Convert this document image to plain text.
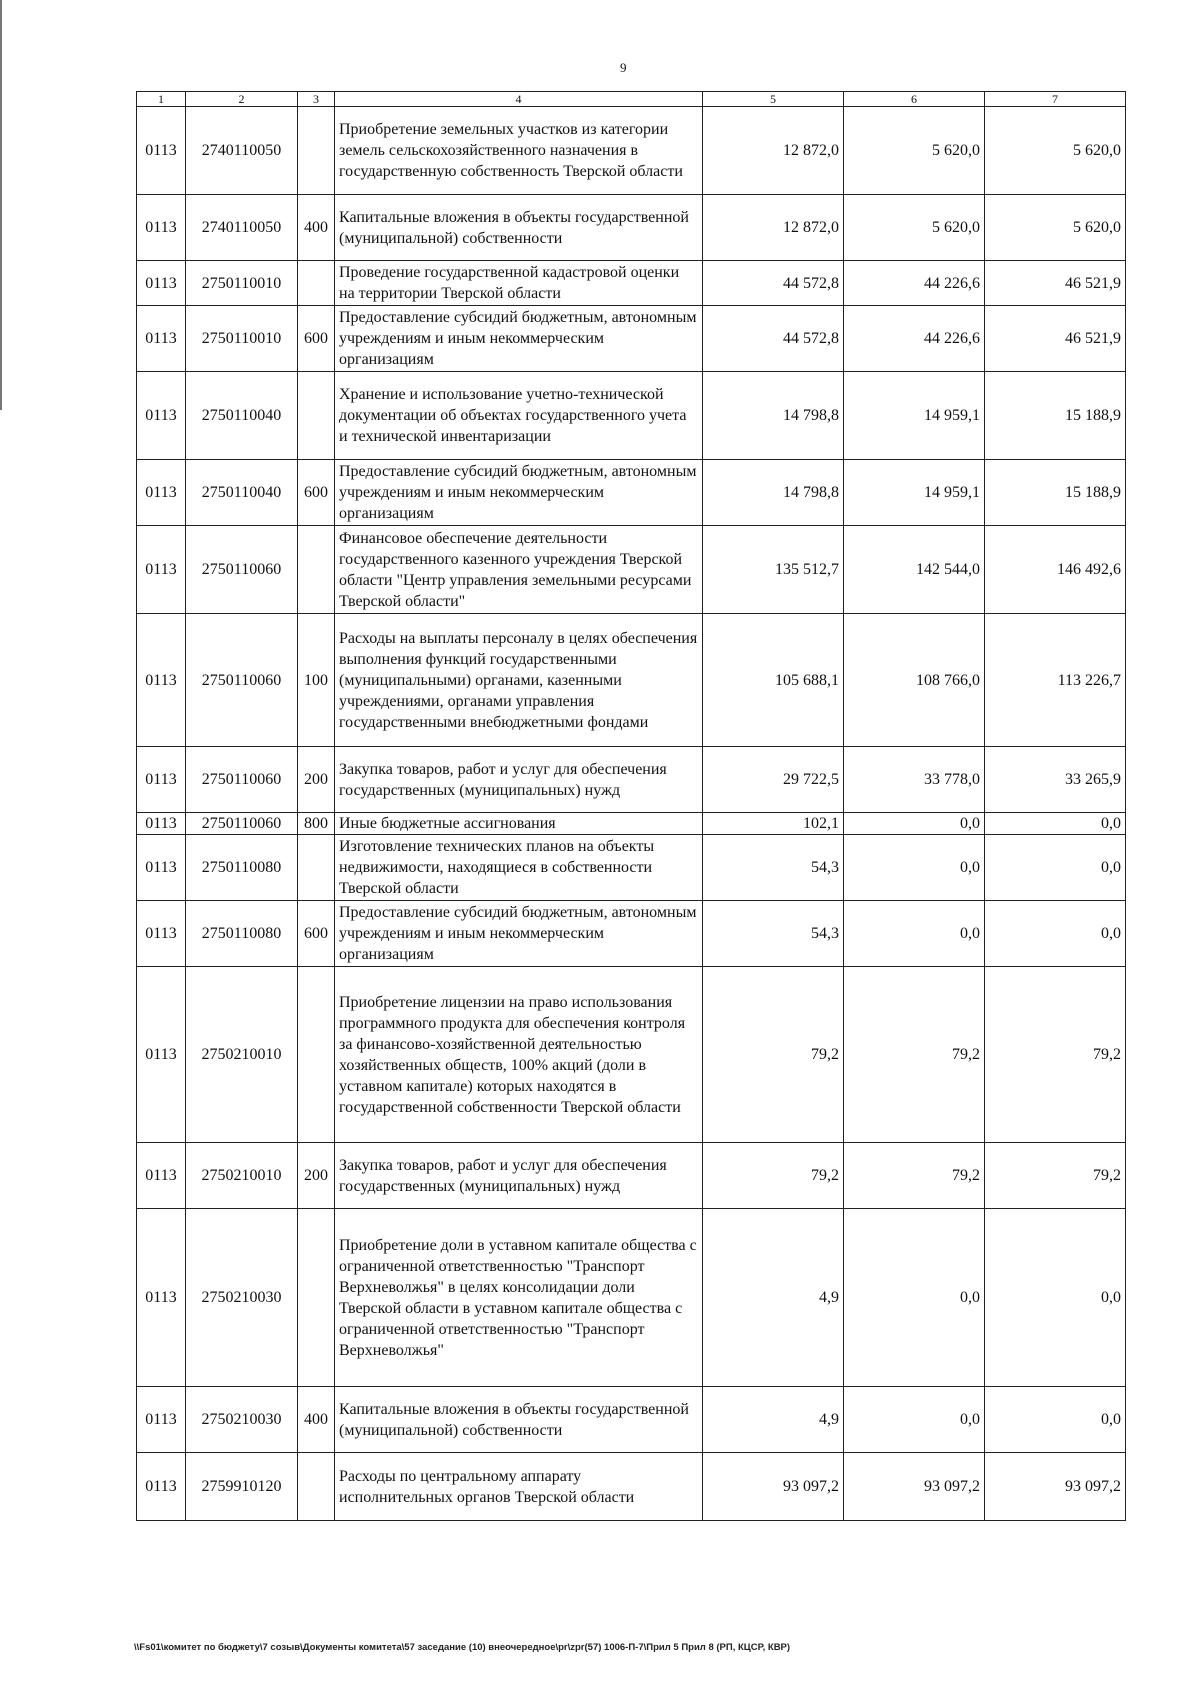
9
1	2	3	4	5	6	7
0113	2740110050		Приобретение земельных участков из категории земель сельскохозяйственного назначения в государственную собственность Тверской области	12 872,0	5 620,0	5 620,0
0113	2740110050	400	Капитальные вложения в объекты государственной (муниципальной) собственности	12 872,0	5 620,0	5 620,0
0113	2750110010		Проведение государственной кадастровой оценки на территории Тверской области	44 572,8	44 226,6	46 521,9
0113	2750110010	600	Предоставление субсидий бюджетным, автономным учреждениям и иным некоммерческим организациям	44 572,8	44 226,6	46 521,9
0113	2750110040		Хранение и использование учетно-технической документации об объектах государственного учета и технической инвентаризации	14 798,8	14 959,1	15 188,9
0113	2750110040	600	Предоставление субсидий бюджетным, автономным учреждениям и иным некоммерческим организациям	14 798,8	14 959,1	15 188,9
0113	2750110060		Финансовое обеспечение деятельности государственного казенного учреждения Тверской области "Центр управления земельными ресурсами Тверской области"	135 512,7	142 544,0	146 492,6
0113	2750110060	100	Расходы на выплаты персоналу в целях обеспечения выполнения функций государственными (муниципальными) органами, казенными учреждениями, органами управления государственными внебюджетными фондами	105 688,1	108 766,0	113 226,7
0113	2750110060	200	Закупка товаров, работ и услуг для обеспечения государственных (муниципальных) нужд	29 722,5	33 778,0	33 265,9
0113	2750110060	800	Иные бюджетные ассигнования	102,1	0,0	0,0
0113	2750110080		Изготовление технических планов на объекты недвижимости, находящиеся в собственности Тверской области	54,3	0,0	0,0
0113	2750110080	600	Предоставление субсидий бюджетным, автономным учреждениям и иным некоммерческим организациям	54,3	0,0	0,0
0113	2750210010		Приобретение лицензии на право использования программного продукта для обеспечения контроля за финансово-хозяйственной деятельностью хозяйственных обществ, 100% акций (доли в уставном капитале) которых находятся в государственной собственности Тверской области	79,2	79,2	79,2
0113	2750210010	200	Закупка товаров, работ и услуг для обеспечения государственных (муниципальных) нужд	79,2	79,2	79,2
0113	2750210030		Приобретение доли в уставном капитале общества с ограниченной ответственностью "Транспорт Верхневолжья" в целях консолидации доли Тверской области в уставном капитале общества с ограниченной ответственностью "Транспорт Верхневолжья"	4,9	0,0	0,0
0113	2750210030	400	Капитальные вложения в объекты государственной (муниципальной) собственности	4,9	0,0	0,0
0113	2759910120		Расходы по центральному аппарату исполнительных органов Тверской области	93 097,2	93 097,2	93 097,2
\\Fs01\комитет по бюджету\7 созыв\Документы комитета\57 заседание (10) внеочередное\pr\zpr(57) 1006-П-7\Прил 5 Прил 8 (РП, КЦСР, КВР)
